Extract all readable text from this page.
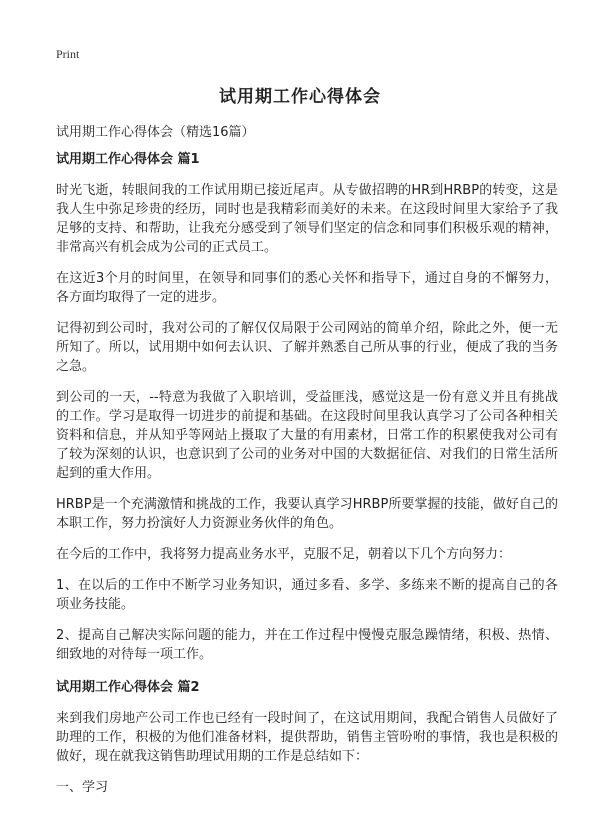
Print
试用期工作心得体会

试用期工作心得体会（精选16篇）

试用期工作心得体会 篇1

时光飞逝，转眼间我的工作试用期已接近尾声。从专做招聘的HR到HRBP的转变，这是我人生中弥足珍贵的经历，同时也是我精彩而美好的未来。在这段时间里大家给予了我足够的支持、和帮助，让我充分感受到了领导们坚定的信念和同事们积极乐观的精神，非常高兴有机会成为公司的正式员工。

在这近3个月的时间里，在领导和同事们的悉心关怀和指导下，通过自身的不懈努力，各方面均取得了一定的进步。

记得初到公司时，我对公司的了解仅仅局限于公司网站的简单介绍，除此之外，便一无所知了。所以，试用期中如何去认识、了解并熟悉自己所从事的行业，便成了我的当务之急。

到公司的一天，--特意为我做了入职培训，受益匪浅，感觉这是一份有意义并且有挑战的工作。学习是取得一切进步的前提和基础。在这段时间里我认真学习了公司各种相关资料和信息，并从知乎等网站上摄取了大量的有用素材，日常工作的积累使我对公司有了较为深刻的认识，也意识到了公司的业务对中国的大数据征信、对我们的日常生活所起到的重大作用。

HRBP是一个充满激情和挑战的工作，我要认真学习HRBP所要掌握的技能，做好自己的本职工作，努力扮演好人力资源业务伙伴的角色。

在今后的工作中，我将努力提高业务水平，克服不足，朝着以下几个方向努力：

1、在以后的工作中不断学习业务知识，通过多看、多学、多练来不断的提高自己的各项业务技能。

2、提高自己解决实际问题的能力，并在工作过程中慢慢克服急躁情绪，积极、热情、细致地的对待每一项工作。

试用期工作心得体会 篇2

来到我们房地产公司工作也已经有一段时间了，在这试用期间，我配合销售人员做好了助理的工作，积极的为他们准备材料，提供帮助，销售主管吩咐的事情，我也是积极的做好，现在就我这销售助理试用期的工作是总结如下：

一、学习
